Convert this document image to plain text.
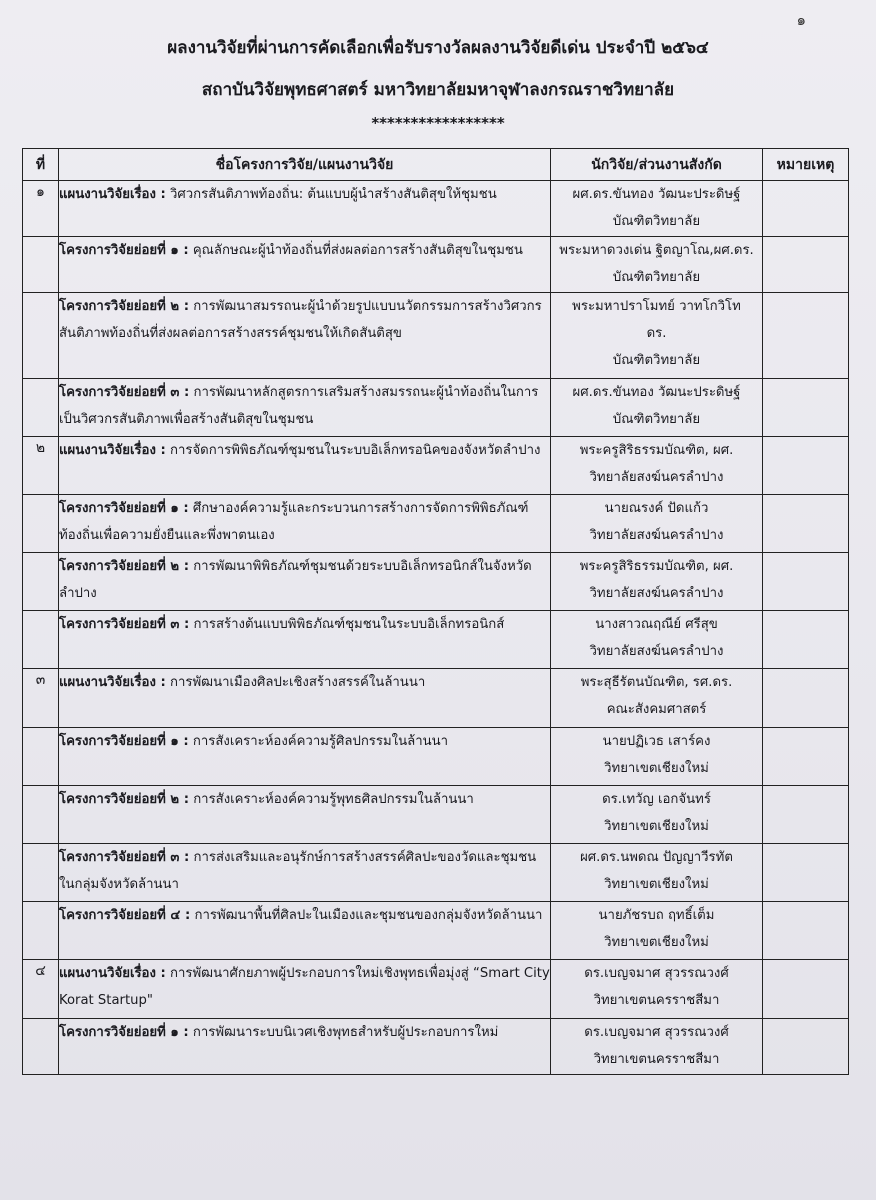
๑
ผลงานวิจัยที่ผ่านการคัดเลือกเพื่อรับรางวัลผลงานวิจัยดีเด่น ประจำปี ๒๕๖๔
สถาบันวิจัยพุทธศาสตร์ มหาวิทยาลัยมหาจุฬาลงกรณราชวิทยาลัย
*****************
ที่	ชื่อโครงการวิจัย/แผนงานวิจัย	นักวิจัย/ส่วนงานสังกัด	หมายเหตุ
๑	แผนงานวิจัยเรื่อง : วิศวกรสันติภาพท้องถิ่น: ต้นแบบผู้นำสร้างสันติสุขให้ชุมชน	ผศ.ดร.ขันทอง วัฒนะประดิษฐ์
บัณฑิตวิทยาลัย	

	โครงการวิจัยย่อยที่ ๑ : คุณลักษณะผู้นำท้องถิ่นที่ส่งผลต่อการสร้างสันติสุขในชุมชน	พระมหาดวงเด่น ฐิตญาโณ,ผศ.ดร.
บัณฑิตวิทยาลัย	

	โครงการวิจัยย่อยที่ ๒ : การพัฒนาสมรรถนะผู้นำด้วยรูปแบบนวัตกรรมการสร้างวิศวกรสันติภาพท้องถิ่นที่ส่งผลต่อการสร้างสรรค์ชุมชนให้เกิดสันติสุข	พระมหาปราโมทย์ วาทโกวิโท
ดร.
บัณฑิตวิทยาลัย	

	โครงการวิจัยย่อยที่ ๓ : การพัฒนาหลักสูตรการเสริมสร้างสมรรถนะผู้นำท้องถิ่นในการเป็นวิศวกรสันติภาพเพื่อสร้างสันติสุขในชุมชน	ผศ.ดร.ขันทอง วัฒนะประดิษฐ์
บัณฑิตวิทยาลัย	

๒	แผนงานวิจัยเรื่อง : การจัดการพิพิธภัณฑ์ชุมชนในระบบอิเล็กทรอนิคของจังหวัดลำปาง	พระครูสิริธรรมบัณฑิต, ผศ.
วิทยาลัยสงฆ์นครลำปาง	

	โครงการวิจัยย่อยที่ ๑ : ศึกษาองค์ความรู้และกระบวนการสร้างการจัดการพิพิธภัณฑ์ท้องถิ่นเพื่อความยั่งยืนและพึ่งพาตนเอง	นายณรงค์ ปัดแก้ว
วิทยาลัยสงฆ์นครลำปาง	

	โครงการวิจัยย่อยที่ ๒ : การพัฒนาพิพิธภัณฑ์ชุมชนด้วยระบบอิเล็กทรอนิกส์ในจังหวัดลำปาง	พระครูสิริธรรมบัณฑิต, ผศ.
วิทยาลัยสงฆ์นครลำปาง	

	โครงการวิจัยย่อยที่ ๓ : การสร้างต้นแบบพิพิธภัณฑ์ชุมชนในระบบอิเล็กทรอนิกส์	นางสาวณฤณีย์ ศรีสุข
วิทยาลัยสงฆ์นครลำปาง	

๓	แผนงานวิจัยเรื่อง : การพัฒนาเมืองศิลปะเชิงสร้างสรรค์ในล้านนา	พระสุธีรัตนบัณฑิต, รศ.ดร.
คณะสังคมศาสตร์	

	โครงการวิจัยย่อยที่ ๑ : การสังเคราะห์องค์ความรู้ศิลปกรรมในล้านนา	นายปฏิเวธ เสาร์คง
วิทยาเขตเชียงใหม่	

	โครงการวิจัยย่อยที่ ๒ : การสังเคราะห์องค์ความรู้พุทธศิลปกรรมในล้านนา	ดร.เทวัญ เอกจันทร์
วิทยาเขตเชียงใหม่	

	โครงการวิจัยย่อยที่ ๓ : การส่งเสริมและอนุรักษ์การสร้างสรรค์ศิลปะของวัดและชุมชนในกลุ่มจังหวัดล้านนา	ผศ.ดร.นพดณ ปัญญาวีรทัต
วิทยาเขตเชียงใหม่	

	โครงการวิจัยย่อยที่ ๔ : การพัฒนาพื้นที่ศิลปะในเมืองและชุมชนของกลุ่มจังหวัดล้านนา	นายภัชรบถ ฤทธิ์เต็ม
วิทยาเขตเชียงใหม่	

๔	แผนงานวิจัยเรื่อง : การพัฒนาศักยภาพผู้ประกอบการใหม่เชิงพุทธเพื่อมุ่งสู่ “Smart City Korat Startup"	ดร.เบญจมาศ สุวรรณวงศ์
วิทยาเขตนครราชสีมา	

	โครงการวิจัยย่อยที่ ๑ : การพัฒนาระบบนิเวศเชิงพุทธสำหรับผู้ประกอบการใหม่	ดร.เบญจมาศ สุวรรณวงศ์
วิทยาเขตนครราชสีมา	
